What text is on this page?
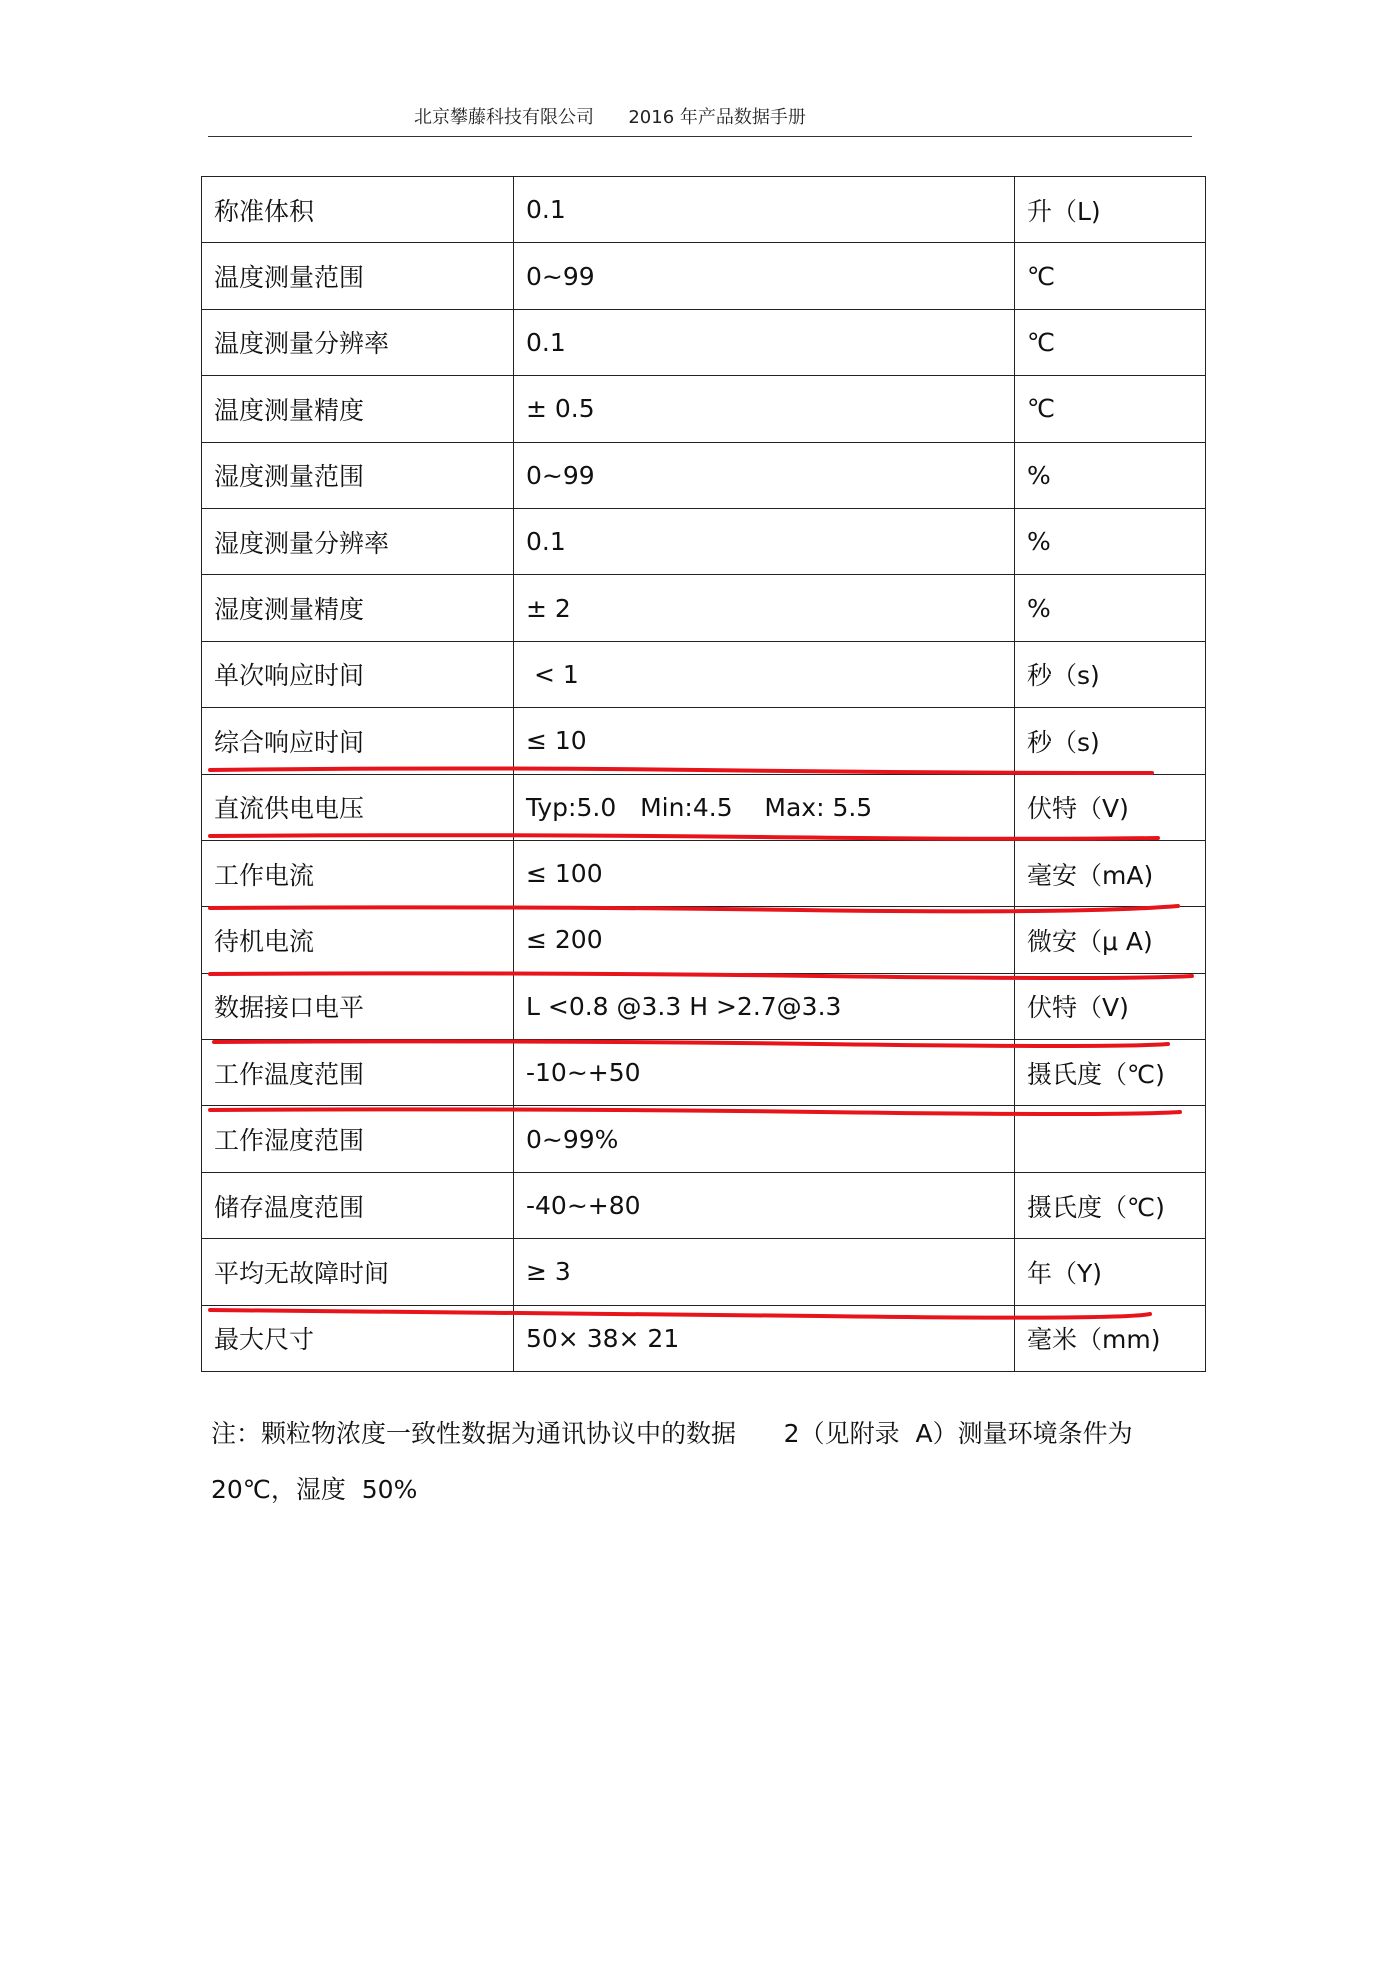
北京攀藤科技有限公司 2016 年产品数据手册
称准体积	0.1	升（L)
温度测量范围	0~99	℃
温度测量分辨率	0.1	℃
温度测量精度	± 0.5	℃
湿度测量范围	0~99	%
湿度测量分辨率	0.1	%
湿度测量精度	± 2	%
单次响应时间	< 1	秒（s)
综合响应时间	≤ 10	秒（s)
直流供电电压	Typ:5.0   Min:4.5    Max: 5.5	伏特（V)
工作电流	≤ 100	毫安（mA)
待机电流	≤ 200	微安（μ A)
数据接口电平	L <0.8 @3.3 H >2.7@3.3	伏特（V)
工作温度范围	-10~+50	摄氏度（℃)
工作湿度范围	0~99%	
储存温度范围	-40~+80	摄氏度（℃)
平均无故障时间	≥ 3	年（Y)
最大尺寸	50× 38× 21	毫米（mm)
注：颗粒物浓度一致性数据为通讯协议中的数据      2（见附录  A）测量环境条件为
20℃，湿度  50%
